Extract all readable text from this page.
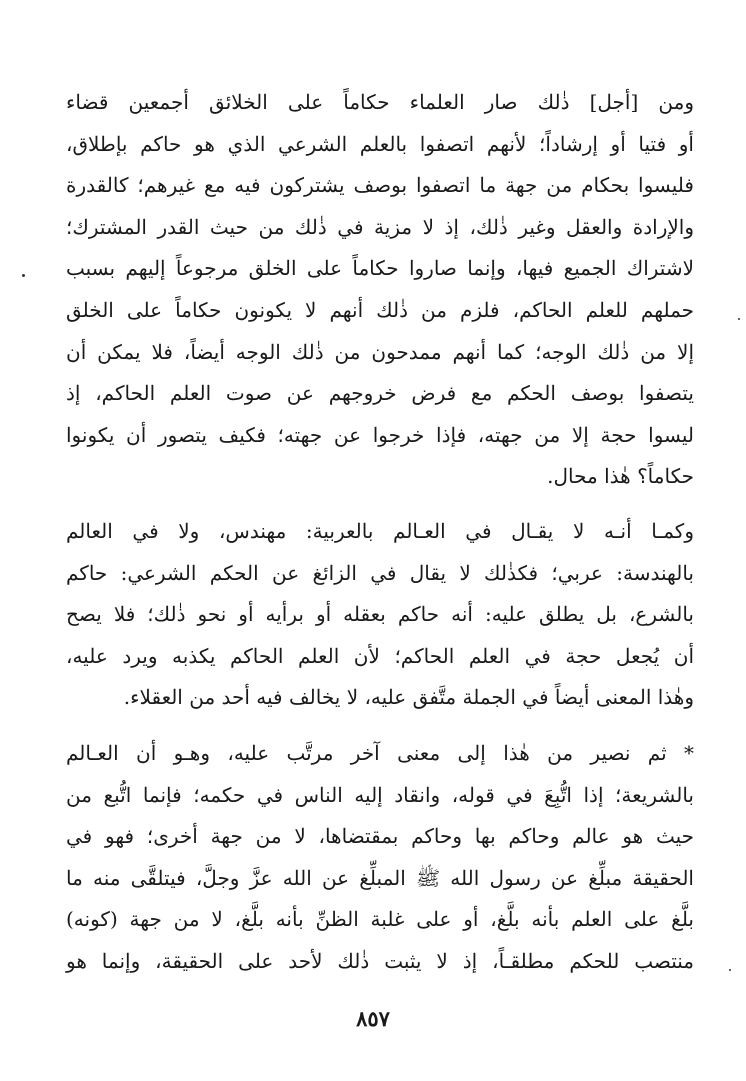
ومن [أجل] ذٰلك صار العلماء حكاماً على الخلائق أجمعين قضاء
أو فتيا أو إرشاداً؛ لأنهم اتصفوا بالعلم الشرعي الذي هو حاكم بإطلاق،
فليسوا بحكام من جهة ما اتصفوا بوصف يشتركون فيه مع غيرهم؛ كالقدرة
والإرادة والعقل وغير ذٰلك، إذ لا مزية في ذٰلك من حيث القدر المشترك؛
لاشتراك الجميع فيها، وإنما صاروا حكاماً على الخلق مرجوعاً إليهم بسبب
حملهم للعلم الحاكم، فلزم من ذٰلك أنهم لا يكونون حكاماً على الخلق
إلا من ذٰلك الوجه؛ كما أنهم ممدحون من ذٰلك الوجه أيضاً، فلا يمكن أن
يتصفوا بوصف الحكم مع فرض خروجهم عن صوت العلم الحاكم، إذ
ليسوا حجة إلا من جهته، فإذا خرجوا عن جهته؛ فكيف يتصور أن يكونوا
حكاماً؟ هٰذا محال.
وكمـا أنـه لا يقـال في العـالم بالعربية: مهندس، ولا في العالم
بالهندسة: عربي؛ فكذٰلك لا يقال في الزائغ عن الحكم الشرعي: حاكم
بالشرع، بل يطلق عليه: أنه حاكم بعقله أو برأيه أو نحو ذٰلك؛ فلا يصح
أن يُجعل حجة في العلم الحاكم؛ لأن العلم الحاكم يكذبه ويرد عليه،
وهٰذا المعنى أيضاً في الجملة متَّفق عليه، لا يخالف فيه أحد من العقلاء.
* ثم نصير من هٰذا إلى معنى آخر مرتَّب عليه، وهـو أن العـالم
بالشريعة؛ إذا اتُّبِعَ في قوله، وانقاد إليه الناس في حكمه؛ فإنما اتُّبع من
حيث هو عالم وحاكم بها وحاكم بمقتضاها، لا من جهة أخرى؛ فهو في
الحقيقة مبلِّغ عن رسول الله ﷺ المبلِّغ عن الله عزَّ وجلَّ، فيتلقَّى منه ما
بلَّغ على العلم بأنه بلَّغ، أو على غلبة الظنِّ بأنه بلَّغ، لا من جهة (كونه)
منتصب للحكم مطلقـاً، إذ لا يثبت ذٰلك لأحد على الحقيقة، وإنما هو
٨٥٧
